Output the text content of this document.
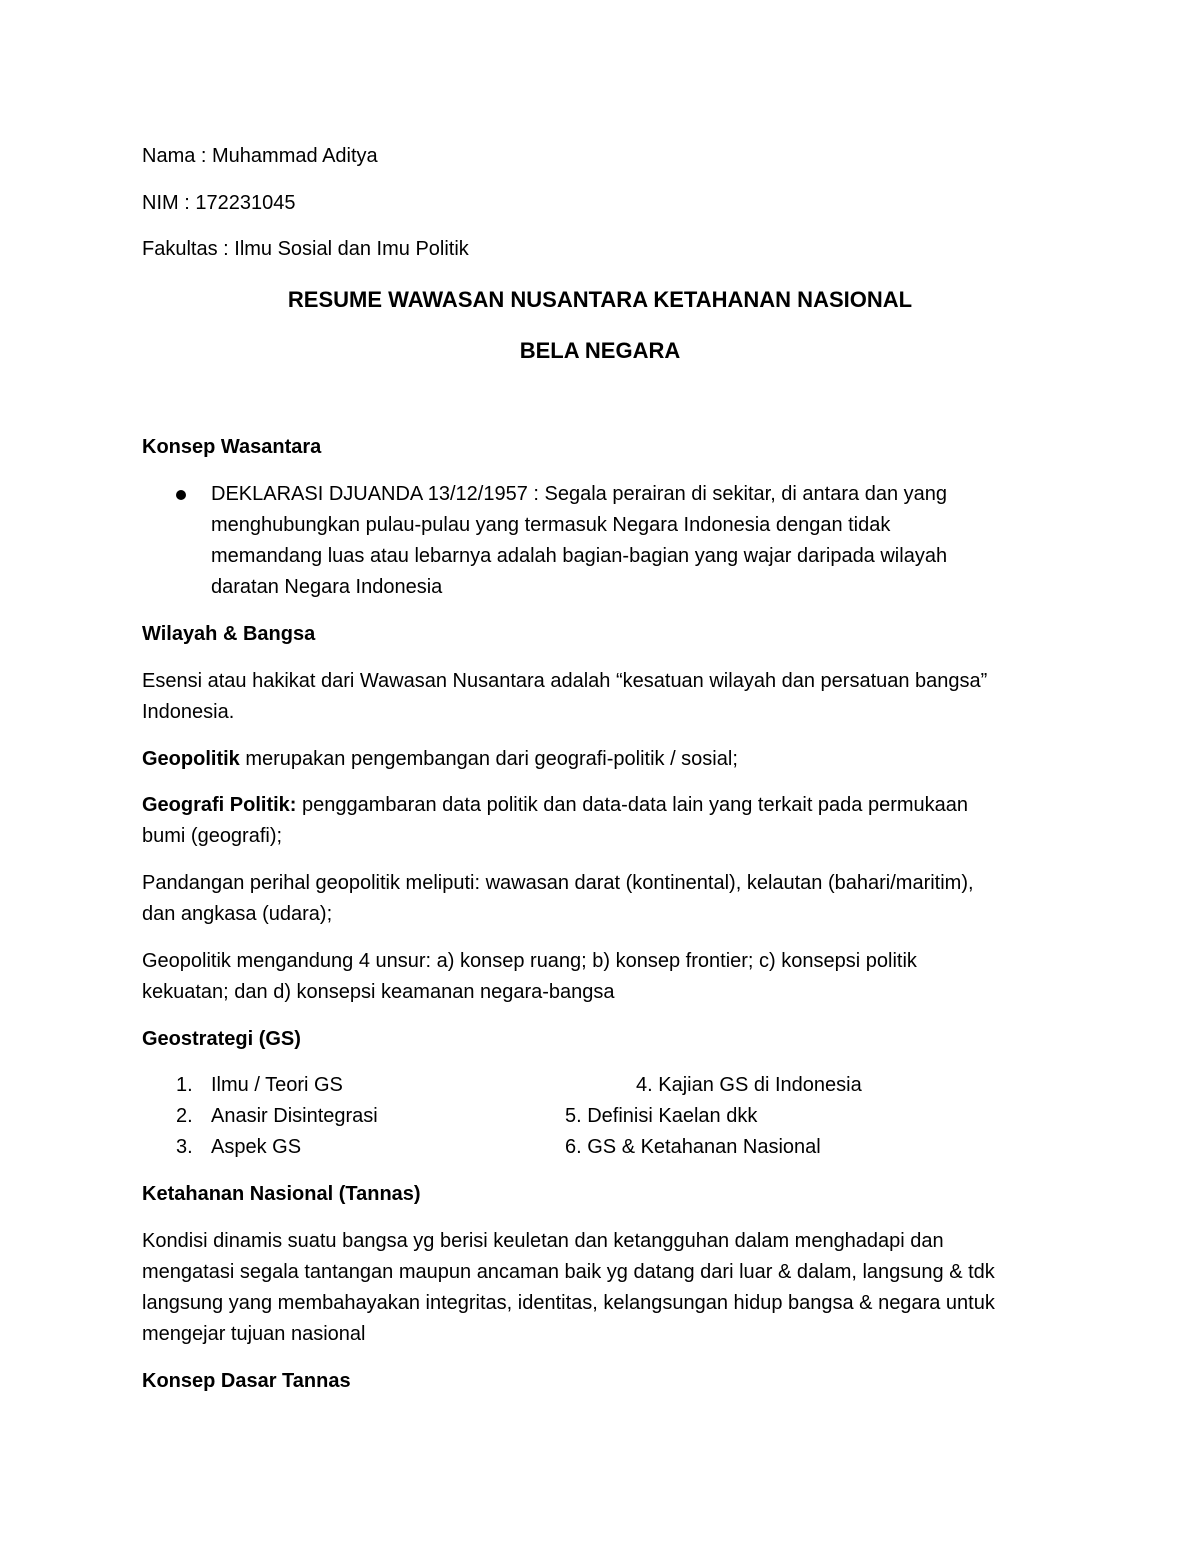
Nama : Muhammad Aditya
NIM : 172231045
Fakultas : Ilmu Sosial dan Imu Politik
RESUME WAWASAN NUSANTARA KETAHANAN NASIONAL
BELA NEGARA
Konsep Wasantara
DEKLARASI DJUANDA 13/12/1957 : Segala perairan di sekitar, di antara dan yang
menghubungkan pulau-pulau yang termasuk Negara Indonesia dengan tidak
memandang luas atau lebarnya adalah bagian-bagian yang wajar daripada wilayah
daratan Negara Indonesia
Wilayah & Bangsa
Esensi atau hakikat dari Wawasan Nusantara adalah “kesatuan wilayah dan persatuan bangsa”
Indonesia.
Geopolitik merupakan pengembangan dari geografi-politik / sosial;
Geografi Politik: penggambaran data politik dan data-data lain yang terkait pada permukaan
bumi (geografi);
Pandangan perihal geopolitik meliputi: wawasan darat (kontinental), kelautan (bahari/maritim),
dan angkasa (udara);
Geopolitik mengandung 4 unsur: a) konsep ruang; b) konsep frontier; c) konsepsi politik
kekuatan; dan d) konsepsi keamanan negara-bangsa
Geostrategi (GS)
1. Ilmu / Teori GS
2. Anasir Disintegrasi
3. Aspek GS
4. Kajian GS di Indonesia
5. Definisi Kaelan dkk
6. GS & Ketahanan Nasional
Ketahanan Nasional (Tannas)
Kondisi dinamis suatu bangsa yg berisi keuletan dan ketangguhan dalam menghadapi dan
mengatasi segala tantangan maupun ancaman baik yg datang dari luar & dalam, langsung & tdk
langsung yang membahayakan integritas, identitas, kelangsungan hidup bangsa & negara untuk
mengejar tujuan nasional
Konsep Dasar Tannas
